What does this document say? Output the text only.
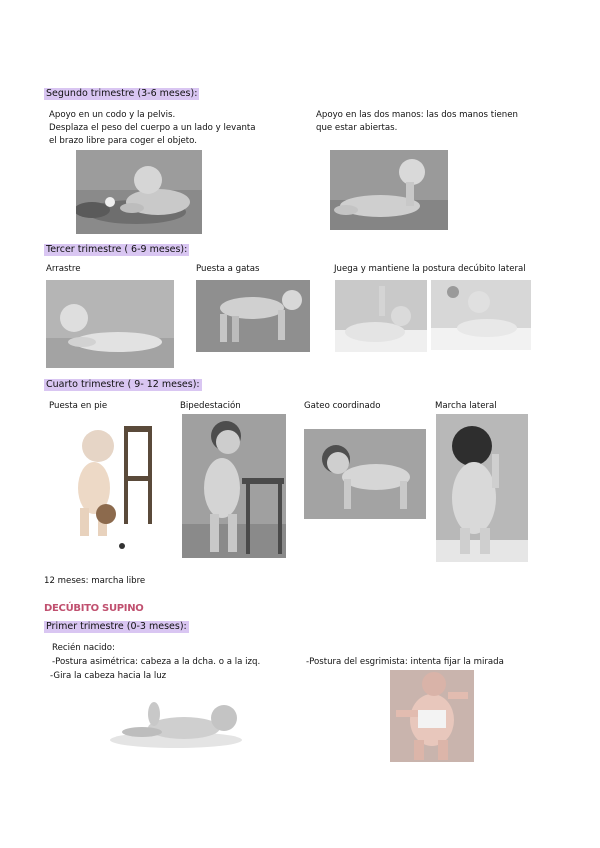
Segundo trimestre (3-6 meses):
Apoyo en un codo y la pelvis.
Desplaza el peso del cuerpo a un lado y levanta
el brazo libre para coger el objeto.
Apoyo en las dos manos: las dos manos tienen
que estar abiertas.
Tercer trimestre ( 6-9 meses):
Arrastre	Puesta a gatas	Juega y mantiene la postura decúbito lateral
Cuarto trimestre ( 9- 12 meses):
Puesta en pie	Bipedestación	Gateo coordinado	Marcha lateral
12 meses: marcha libre
DECÚBITO SUPINO
Primer trimestre (0-3 meses):
Recién nacido:
-Postura asimétrica: cabeza a la dcha. o a la izq.
-Gira la cabeza hacia la luz
-Postura del esgrimista: intenta fijar la mirada
